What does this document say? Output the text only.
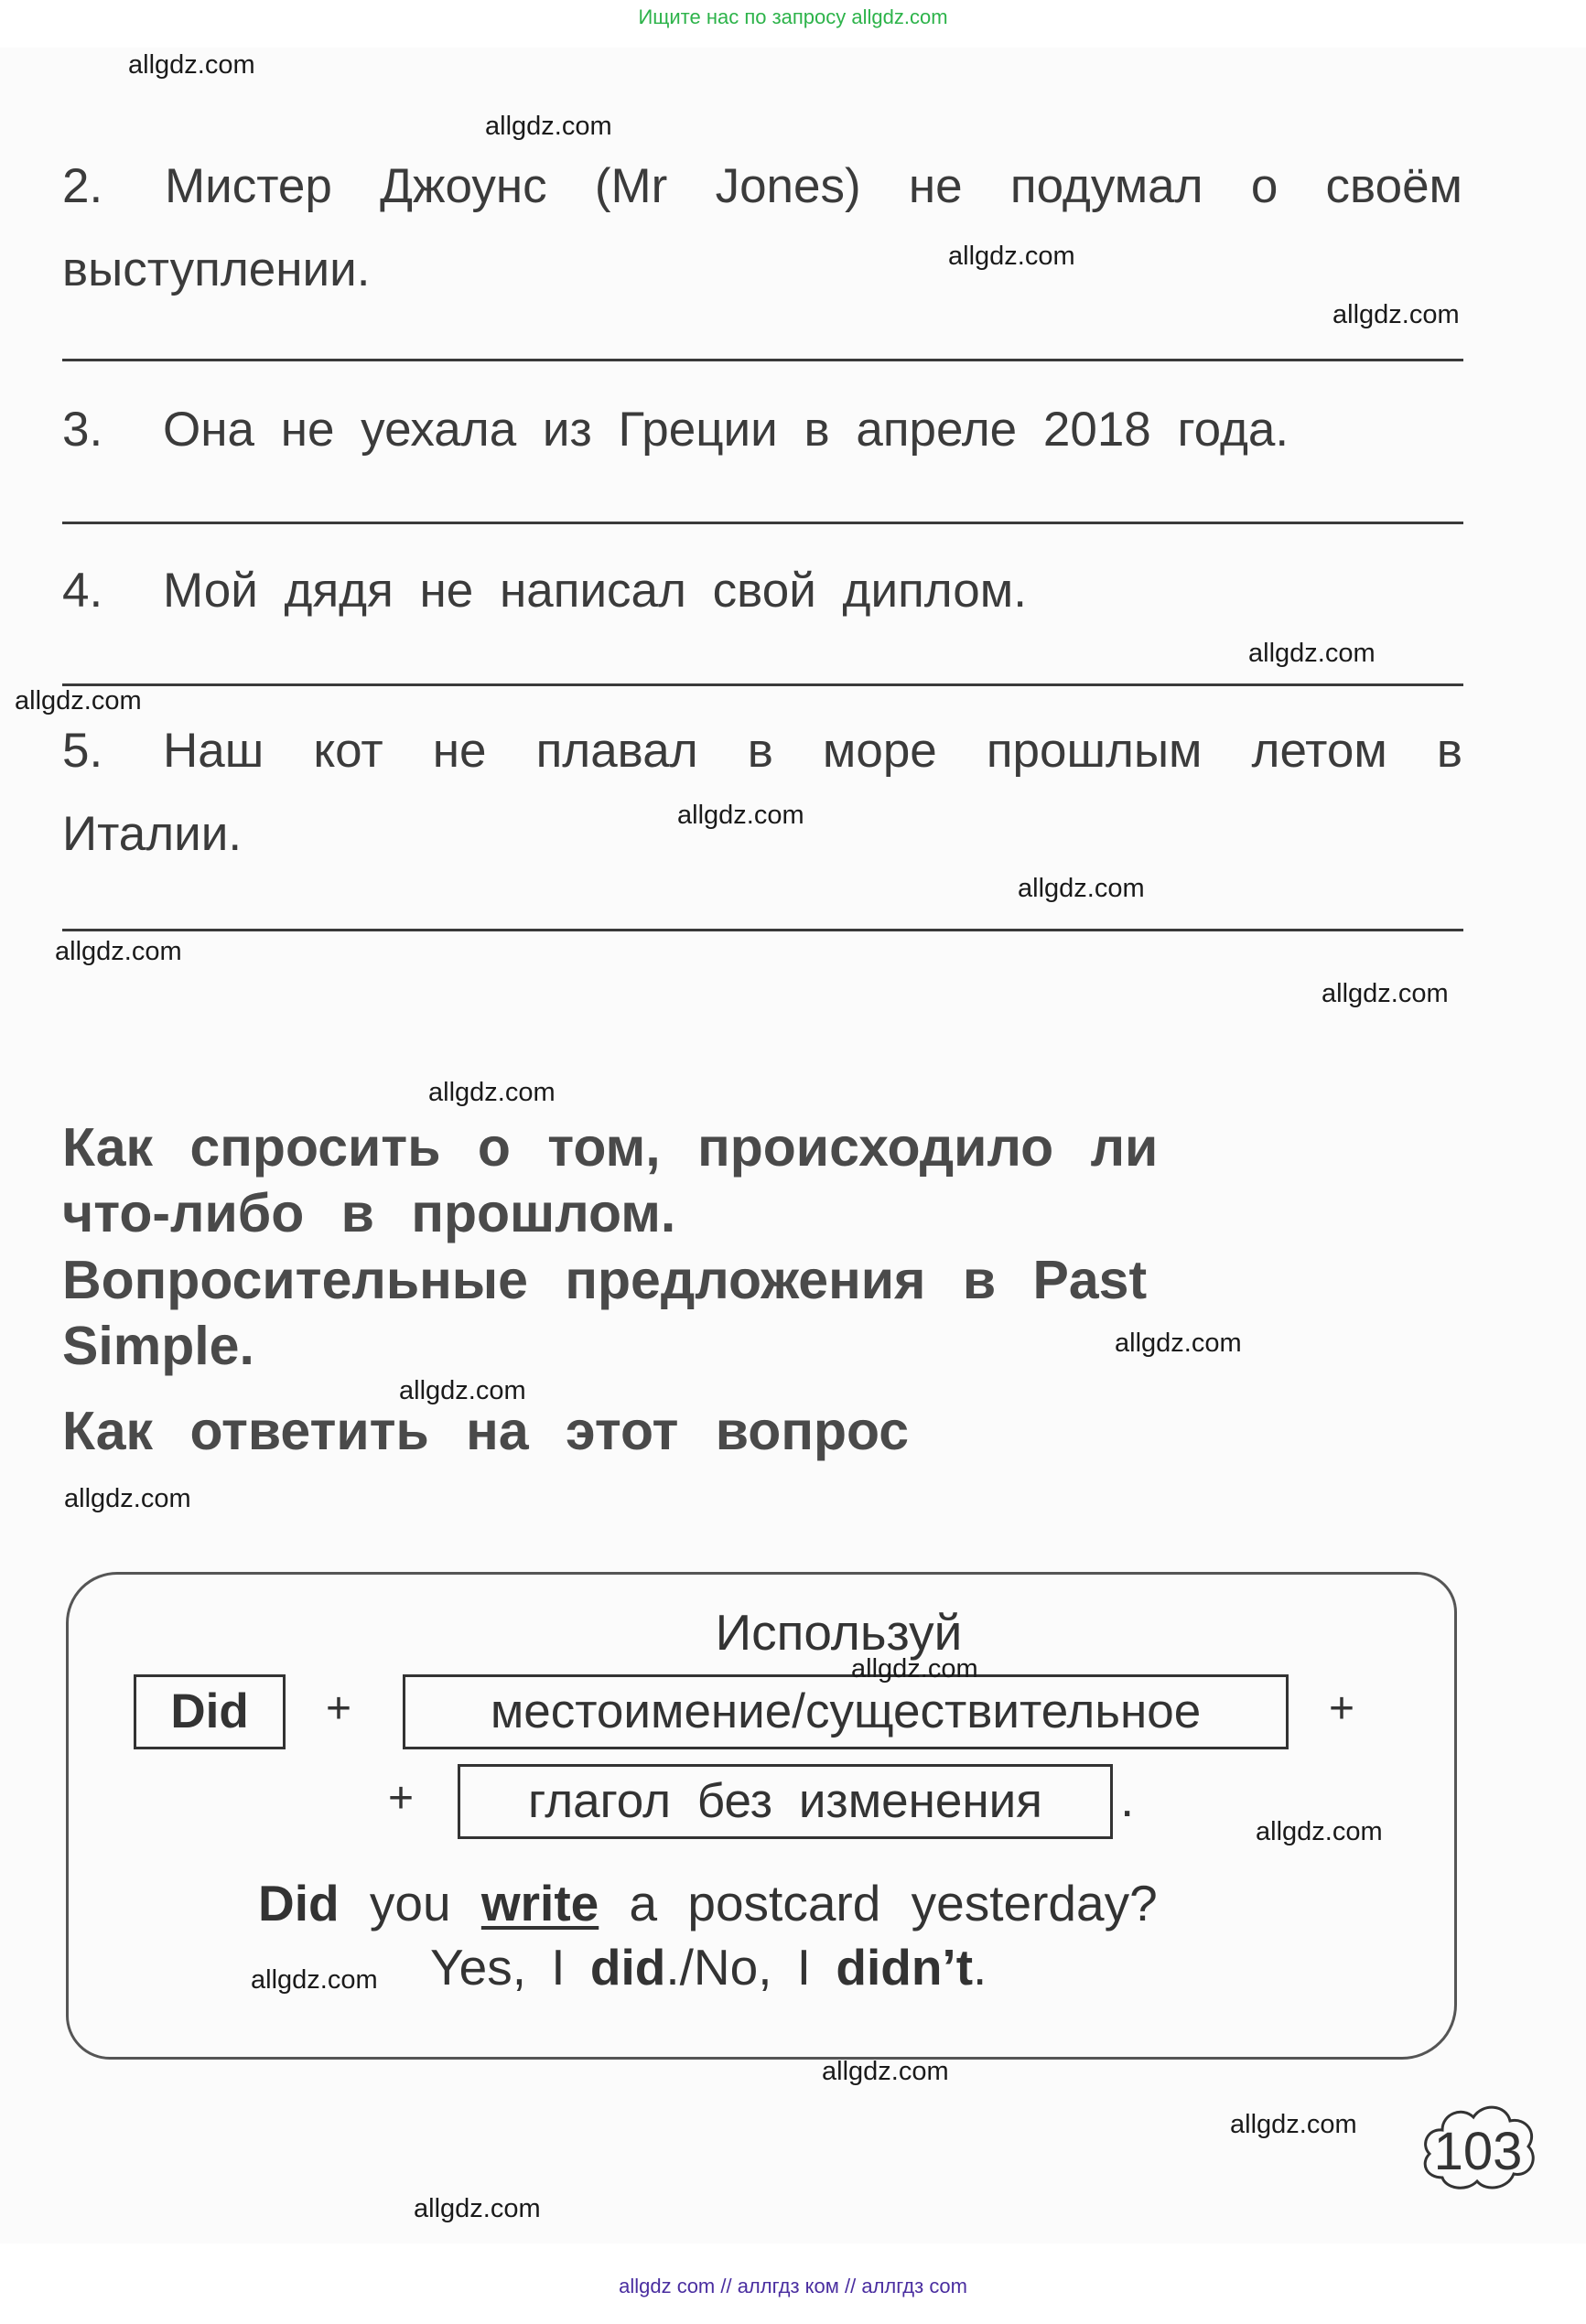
Ищите нас по запросу allgdz.com
2. Мистер Джоунс (Mr Jones) не подумал о своём выступлении.
3. Она не уехала из Греции в апреле 2018 года.
4. Мой дядя не написал свой диплом.
5. Наш кот не плавал в море прошлым летом в Италии.
Как спросить о том, происходило ли
что-либо в прошлом.
Вопросительные предложения в Past
Simple.
Как ответить на этот вопрос
Используй
Did	+	местоимение/существительное	+
+	глагол без изменения	.
Did you write a postcard yesterday?
Yes, I did./No, I didn’t.
103
allgdz.com
allgdz.com
allgdz.com
allgdz.com
allgdz.com
allgdz.com
allgdz.com
allgdz.com
allgdz.com
allgdz.com
allgdz.com
allgdz.com
allgdz.com
allgdz.com
allgdz.com
allgdz.com
allgdz.com
allgdz.com
allgdz.com
allgdz.com
allgdz com // аллгдз ком // аллгдз com
